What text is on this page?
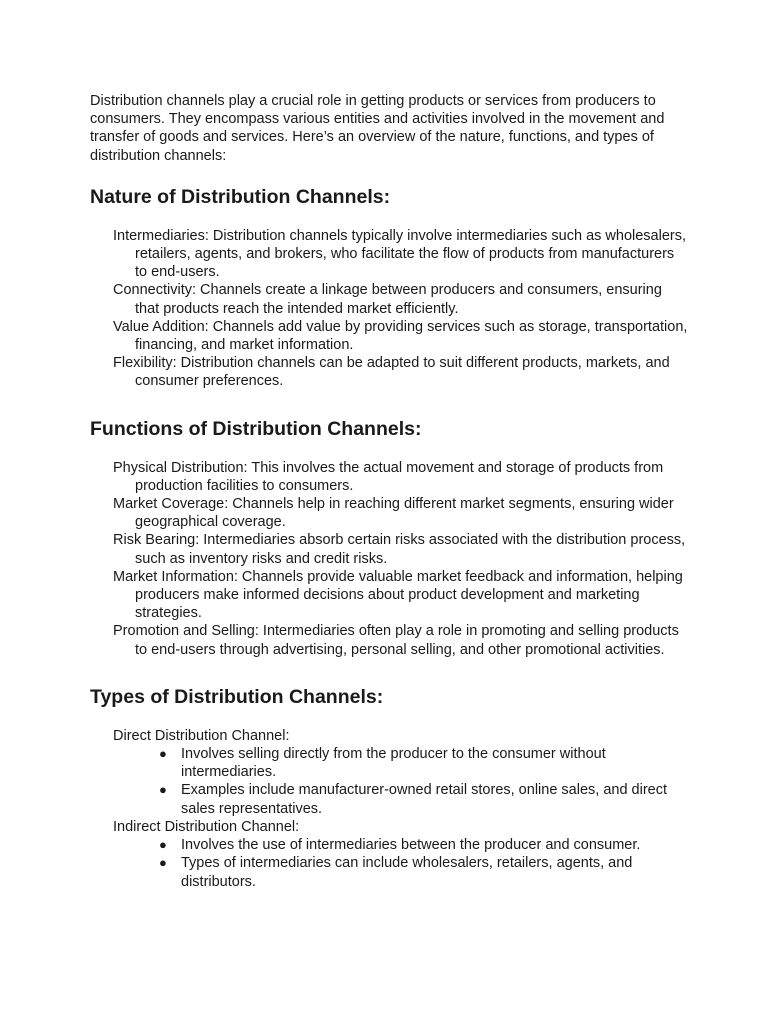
Distribution channels play a crucial role in getting products or services from producers to consumers. They encompass various entities and activities involved in the movement and transfer of goods and services. Here’s an overview of the nature, functions, and types of distribution channels:

Nature of Distribution Channels:
Intermediaries: Distribution channels typically involve intermediaries such as wholesalers, retailers, agents, and brokers, who facilitate the flow of products from manufacturers to end-users.
Connectivity: Channels create a linkage between producers and consumers, ensuring that products reach the intended market efficiently.
Value Addition: Channels add value by providing services such as storage, transportation, financing, and market information.
Flexibility: Distribution channels can be adapted to suit different products, markets, and consumer preferences.
Functions of Distribution Channels:
Physical Distribution: This involves the actual movement and storage of products from production facilities to consumers.
Market Coverage: Channels help in reaching different market segments, ensuring wider geographical coverage.
Risk Bearing: Intermediaries absorb certain risks associated with the distribution process, such as inventory risks and credit risks.
Market Information: Channels provide valuable market feedback and information, helping producers make informed decisions about product development and marketing strategies.
Promotion and Selling: Intermediaries often play a role in promoting and selling products to end-users through advertising, personal selling, and other promotional activities.
Types of Distribution Channels:
Direct Distribution Channel:
● Involves selling directly from the producer to the consumer without intermediaries.
● Examples include manufacturer-owned retail stores, online sales, and direct sales representatives.
Indirect Distribution Channel:
● Involves the use of intermediaries between the producer and consumer.
● Types of intermediaries can include wholesalers, retailers, agents, and distributors.
